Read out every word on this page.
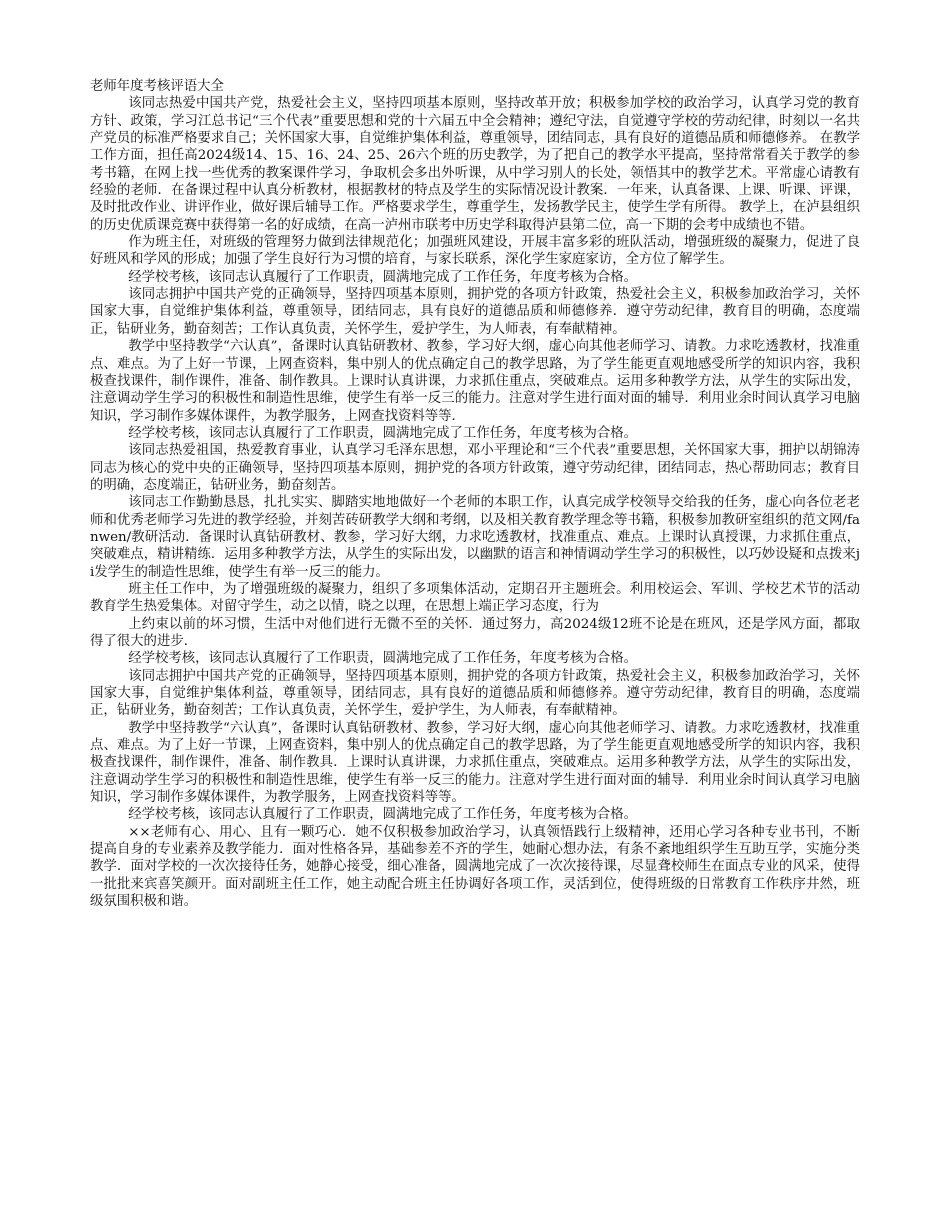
老师年度考核评语大全

该同志热爱中国共产党，热爱社会主义，坚持四项基本原则，坚持改革开放；积极参加学校的政治学习，认真学习党的教育方针、政策，学习江总书记“三个代表”重要思想和党的十六届五中全会精神；遵纪守法，自觉遵守学校的劳动纪律，时刻以一名共产党员的标准严格要求自己；关怀国家大事，自觉维护集体利益，尊重领导，团结同志，具有良好的道德品质和师德修养。 在教学工作方面，担任高2024级14、15、16、24、25、26六个班的历史教学，为了把自己的教学水平提高，坚持常常看关于教学的参考书籍，在网上找一些优秀的教案课件学习，争取机会多出外听课，从中学习别人的长处，领悟其中的教学艺术。平常虚心请教有经验的老师．在备课过程中认真分析教材，根据教材的特点及学生的实际情况设计教案．一年来，认真备课、上课、听课、评课，及时批改作业、讲评作业，做好课后辅导工作。严格要求学生，尊重学生，发扬教学民主，使学生学有所得。 教学上，在泸县组织的历史优质课竞赛中获得第一名的好成绩，在高一泸州市联考中历史学科取得泸县第二位，高一下期的会考中成绩也不错。

作为班主任，对班级的管理努力做到法律规范化；加强班风建设，开展丰富多彩的班队活动，增强班级的凝聚力，促进了良好班风和学风的形成；加强了学生良好行为习惯的培育，与家长联系，深化学生家庭家访，全方位了解学生。

经学校考核，该同志认真履行了工作职责，圆满地完成了工作任务，年度考核为合格。

该同志拥护中国共产党的正确领导，坚持四项基本原则，拥护党的各项方针政策，热爱社会主义，积极参加政治学习，关怀国家大事，自觉维护集体利益，尊重领导，团结同志，具有良好的道德品质和师德修养．遵守劳动纪律，教育目的明确，态度端正，钻研业务，勤奋刻苦；工作认真负责，关怀学生，爱护学生，为人师表，有奉献精神。

教学中坚持教学“六认真”，备课时认真钻研教材、教参，学习好大纲，虚心向其他老师学习、请教。力求吃透教材，找准重点、难点。为了上好一节课，上网查资料，集中别人的优点确定自己的教学思路，为了学生能更直观地感受所学的知识内容，我积极查找课件，制作课件，准备、制作教具。上课时认真讲课，力求抓住重点，突破难点。运用多种教学方法，从学生的实际出发，注意调动学生学习的积极性和制造性思维，使学生有举一反三的能力。注意对学生进行面对面的辅导．利用业余时间认真学习电脑知识，学习制作多媒体课件，为教学服务，上网查找资料等等．

经学校考核，该同志认真履行了工作职责，圆满地完成了工作任务，年度考核为合格。

该同志热爱祖国，热爱教育事业，认真学习毛泽东思想，邓小平理论和“三个代表”重要思想，关怀国家大事，拥护以胡锦涛同志为核心的党中央的正确领导，坚持四项基本原则，拥护党的各项方针政策，遵守劳动纪律，团结同志，热心帮助同志；教育目的明确，态度端正，钻研业务，勤奋刻苦。

该同志工作勤勤恳恳，扎扎实实、脚踏实地地做好一个老师的本职工作，认真完成学校领导交给我的任务，虚心向各位老老师和优秀老师学习先进的教学经验，并刻苦砖研教学大纲和考纲，以及相关教育教学理念等书籍，积极参加教研室组织的范文网/fanwen/教研活动．备课时认真钻研教材、教参，学习好大纲，力求吃透教材，找准重点、难点。上课时认真授课，力求抓住重点，突破难点，精讲精练．运用多种教学方法，从学生的实际出发，以幽默的语言和神情调动学生学习的积极性，以巧妙设疑和点拨来ji发学生的制造性思维，使学生有举一反三的能力。

班主任工作中，为了增强班级的凝聚力，组织了多项集体活动，定期召开主题班会。利用校运会、军训、学校艺术节的活动教育学生热爱集体。对留守学生，动之以情，晓之以理，在思想上端正学习态度，行为

上约束以前的坏习惯，生活中对他们进行无微不至的关怀．通过努力，高2024级12班不论是在班风，还是学风方面，都取得了很大的进步．

经学校考核，该同志认真履行了工作职责，圆满地完成了工作任务，年度考核为合格。

该同志拥护中国共产党的正确领导，坚持四项基本原则，拥护党的各项方针政策，热爱社会主义，积极参加政治学习，关怀国家大事，自觉维护集体利益，尊重领导，团结同志，具有良好的道德品质和师德修养。遵守劳动纪律，教育目的明确，态度端正，钻研业务，勤奋刻苦；工作认真负责，关怀学生，爱护学生，为人师表，有奉献精神。

教学中坚持教学“六认真”，备课时认真钻研教材、教参，学习好大纲，虚心向其他老师学习、请教。力求吃透教材，找准重点、难点。为了上好一节课，上网查资料，集中别人的优点确定自己的教学思路，为了学生能更直观地感受所学的知识内容，我积极查找课件，制作课件，准备、制作教具．上课时认真讲课，力求抓住重点，突破难点。运用多种教学方法，从学生的实际出发，注意调动学生学习的积极性和制造性思维，使学生有举一反三的能力。注意对学生进行面对面的辅导．利用业余时间认真学习电脑知识，学习制作多媒体课件，为教学服务，上网查找资料等等。

经学校考核，该同志认真履行了工作职责，圆满地完成了工作任务，年度考核为合格。

××老师有心、用心、且有一颗巧心．她不仅积极参加政治学习，认真领悟践行上级精神，还用心学习各种专业书刊，不断提高自身的专业素养及教学能力．面对性格各异，基础参差不齐的学生，她耐心想办法，有条不紊地组织学生互助互学，实施分类教学．面对学校的一次次接待任务，她静心接受，细心准备，圆满地完成了一次次接待课，尽显聋校师生在面点专业的风采，使得一批批来宾喜笑颜开。面对副班主任工作，她主动配合班主任协调好各项工作，灵活到位，使得班级的日常教育工作秩序井然，班级氛围积极和谐。
